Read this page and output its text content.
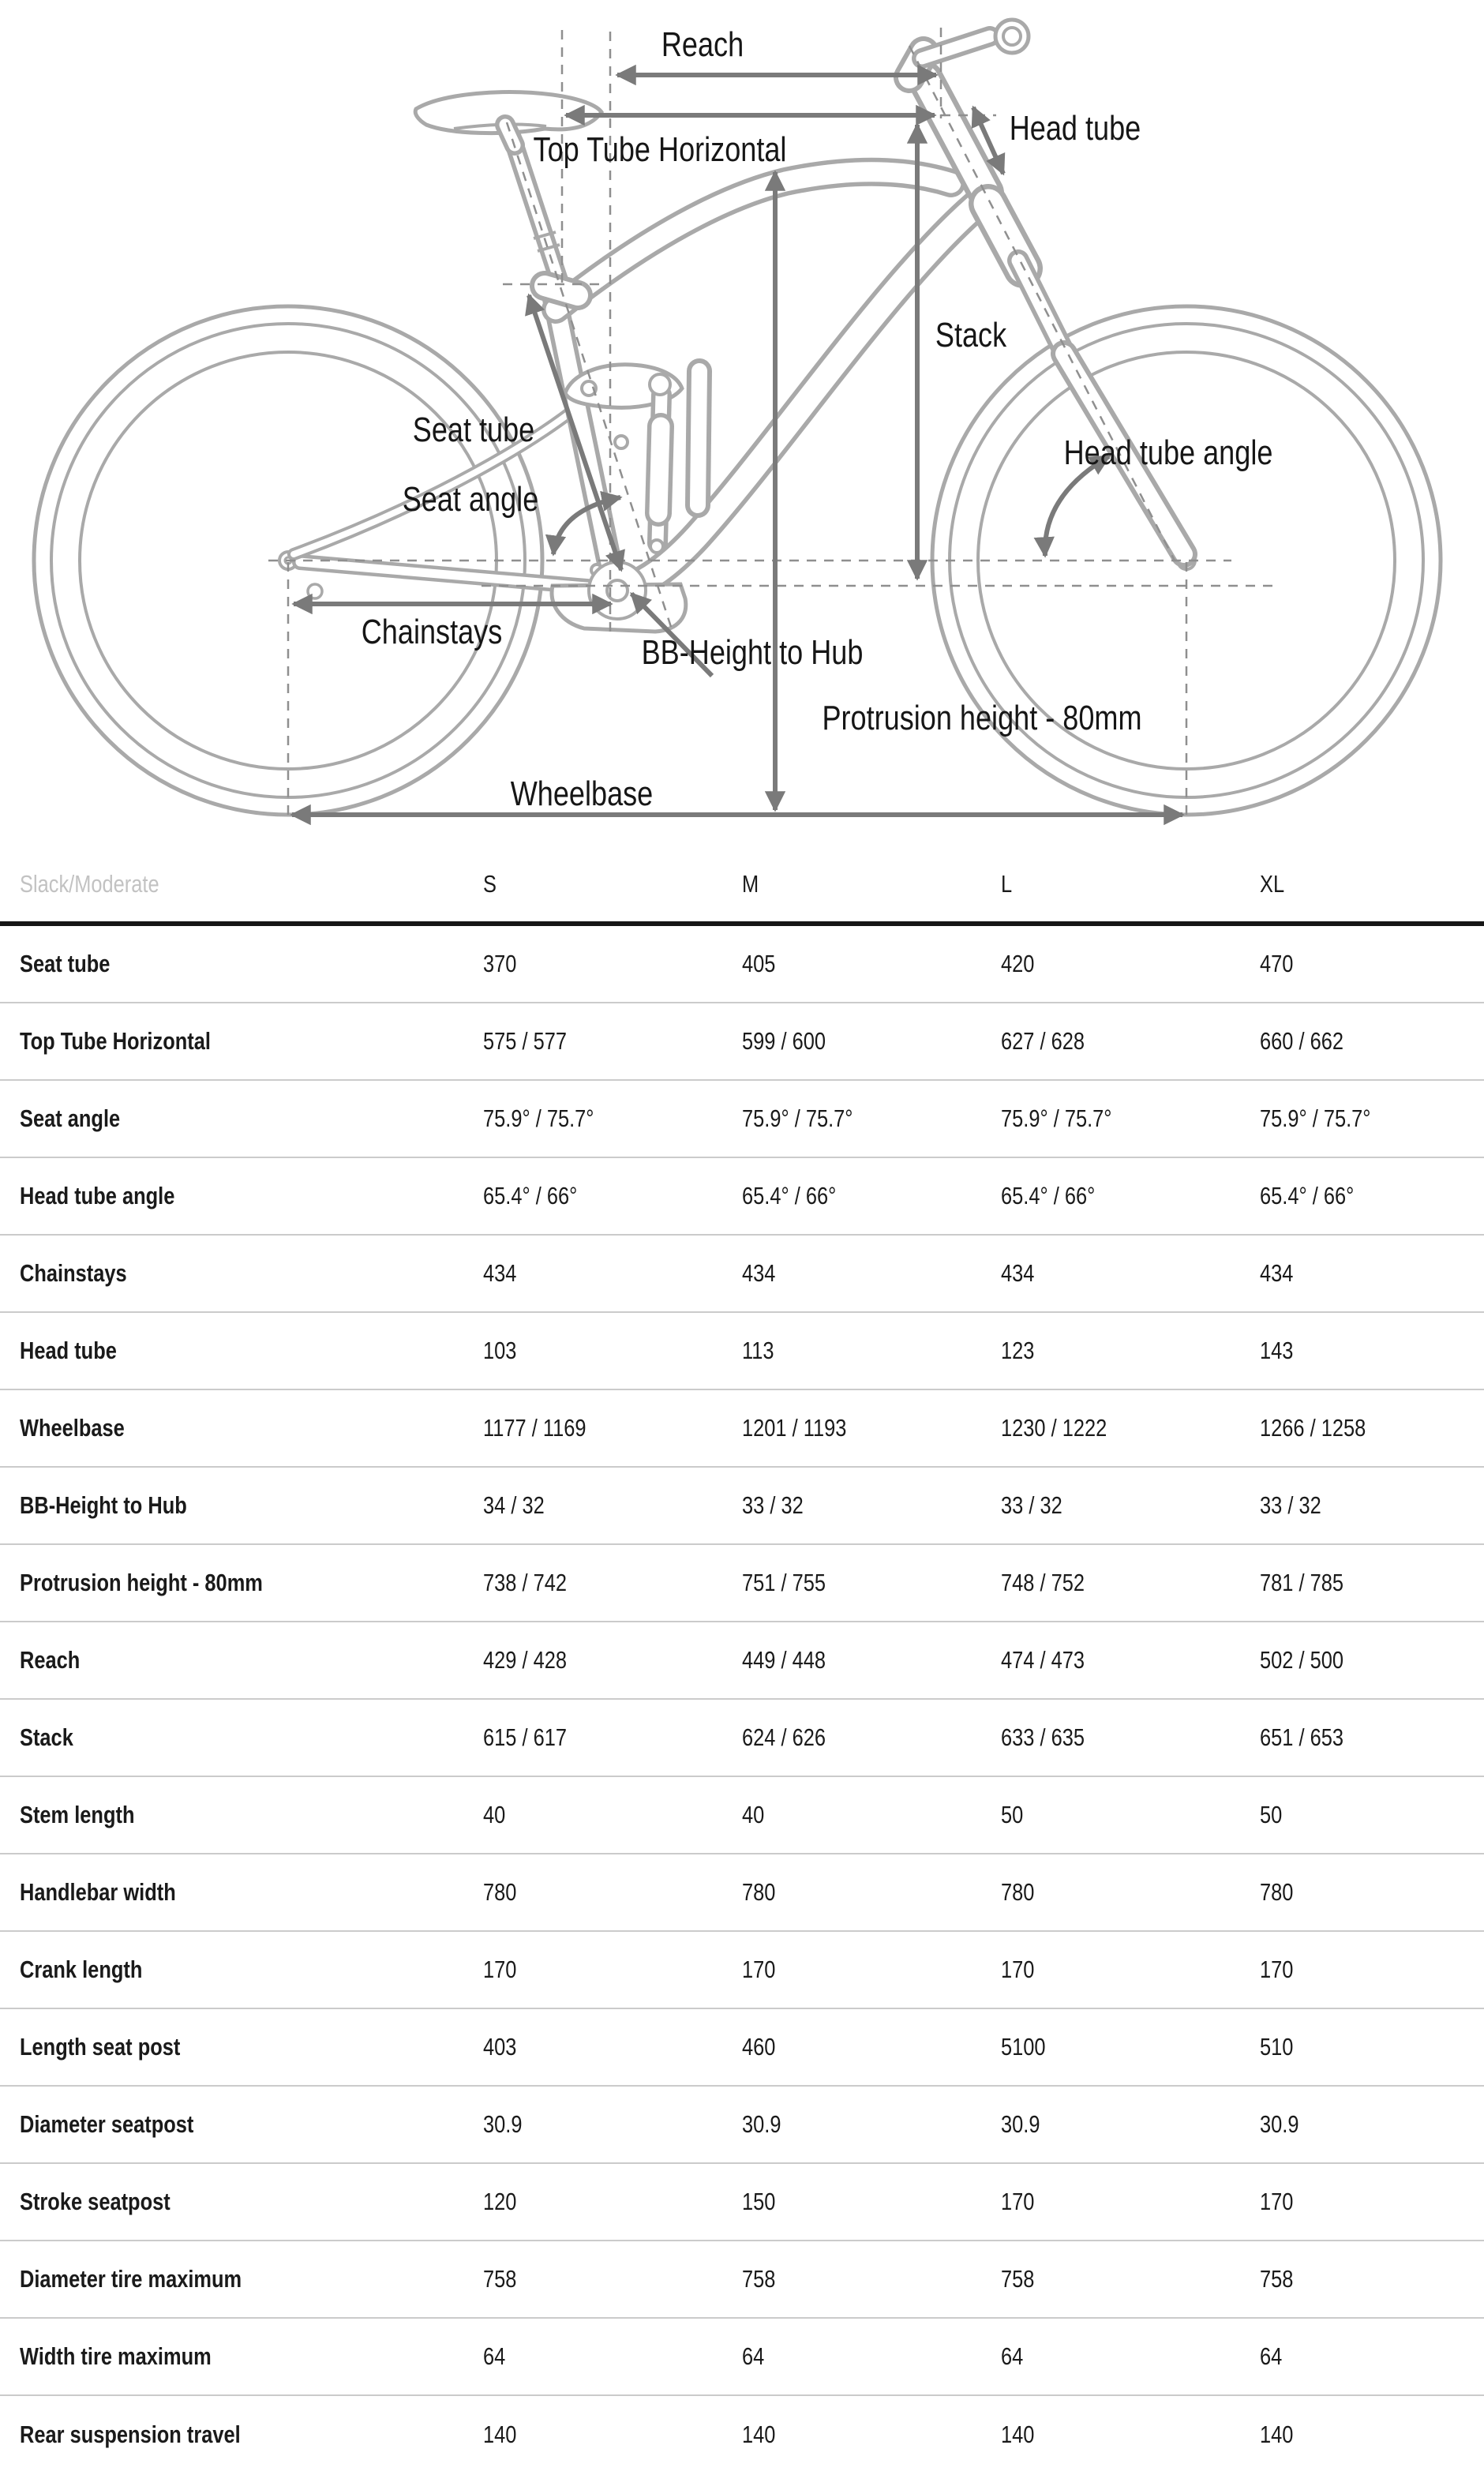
Reach
Top Tube Horizontal
Head tube
Stack
Seat tube
Seat angle
Head tube angle
Chainstays
BB-Height to Hub
Protrusion height - 80mm
Wheelbase
Slack/Moderate	S	M	L	XL
Seat tube	370	405	420	470
Top Tube Horizontal	575 / 577	599 / 600	627 / 628	660 / 662
Seat angle	75.9° / 75.7°	75.9° / 75.7°	75.9° / 75.7°	75.9° / 75.7°
Head tube angle	65.4° / 66°	65.4° / 66°	65.4° / 66°	65.4° / 66°
Chainstays	434	434	434	434
Head tube	103	113	123	143
Wheelbase	1177 / 1169	1201 / 1193	1230 / 1222	1266 / 1258
BB-Height to Hub	34 / 32	33 / 32	33 / 32	33 / 32
Protrusion height - 80mm	738 / 742	751 / 755	748 / 752	781 / 785
Reach	429 / 428	449 / 448	474 / 473	502 / 500
Stack	615 / 617	624 / 626	633 / 635	651 / 653
Stem length	40	40	50	50
Handlebar width	780	780	780	780
Crank length	170	170	170	170
Length seat post	403	460	5100	510
Diameter seatpost	30.9	30.9	30.9	30.9
Stroke seatpost	120	150	170	170
Diameter tire maximum	758	758	758	758
Width tire maximum	64	64	64	64
Rear suspension travel	140	140	140	140
